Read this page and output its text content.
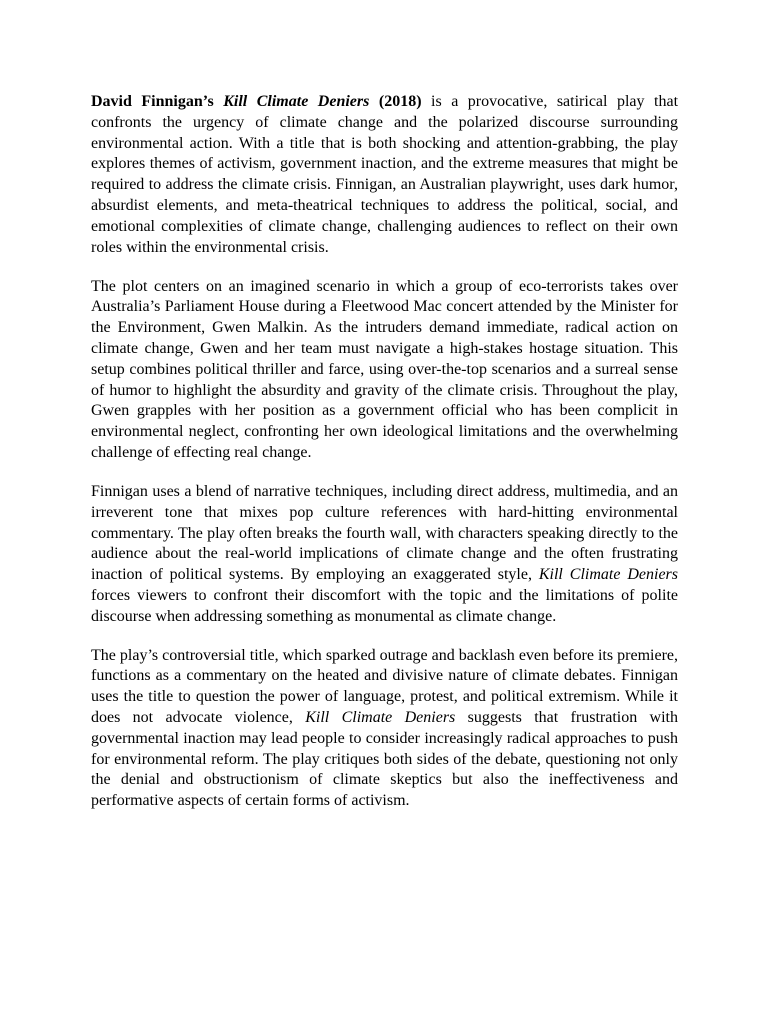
David Finnigan’s Kill Climate Deniers (2018) is a provocative, satirical play that confronts the urgency of climate change and the polarized discourse surrounding environmental action. With a title that is both shocking and attention-grabbing, the play explores themes of activism, government inaction, and the extreme measures that might be required to address the climate crisis. Finnigan, an Australian playwright, uses dark humor, absurdist elements, and meta-theatrical techniques to address the political, social, and emotional complexities of climate change, challenging audiences to reflect on their own roles within the environmental crisis.

The plot centers on an imagined scenario in which a group of eco-terrorists takes over Australia’s Parliament House during a Fleetwood Mac concert attended by the Minister for the Environment, Gwen Malkin. As the intruders demand immediate, radical action on climate change, Gwen and her team must navigate a high-stakes hostage situation. This setup combines political thriller and farce, using over-the-top scenarios and a surreal sense of humor to highlight the absurdity and gravity of the climate crisis. Throughout the play, Gwen grapples with her position as a government official who has been complicit in environmental neglect, confronting her own ideological limitations and the overwhelming challenge of effecting real change.

Finnigan uses a blend of narrative techniques, including direct address, multimedia, and an irreverent tone that mixes pop culture references with hard-hitting environmental commentary. The play often breaks the fourth wall, with characters speaking directly to the audience about the real-world implications of climate change and the often frustrating inaction of political systems. By employing an exaggerated style, Kill Climate Deniers forces viewers to confront their discomfort with the topic and the limitations of polite discourse when addressing something as monumental as climate change.

The play’s controversial title, which sparked outrage and backlash even before its premiere, functions as a commentary on the heated and divisive nature of climate debates. Finnigan uses the title to question the power of language, protest, and political extremism. While it does not advocate violence, Kill Climate Deniers suggests that frustration with governmental inaction may lead people to consider increasingly radical approaches to push for environmental reform. The play critiques both sides of the debate, questioning not only the denial and obstructionism of climate skeptics but also the ineffectiveness and performative aspects of certain forms of activism.
